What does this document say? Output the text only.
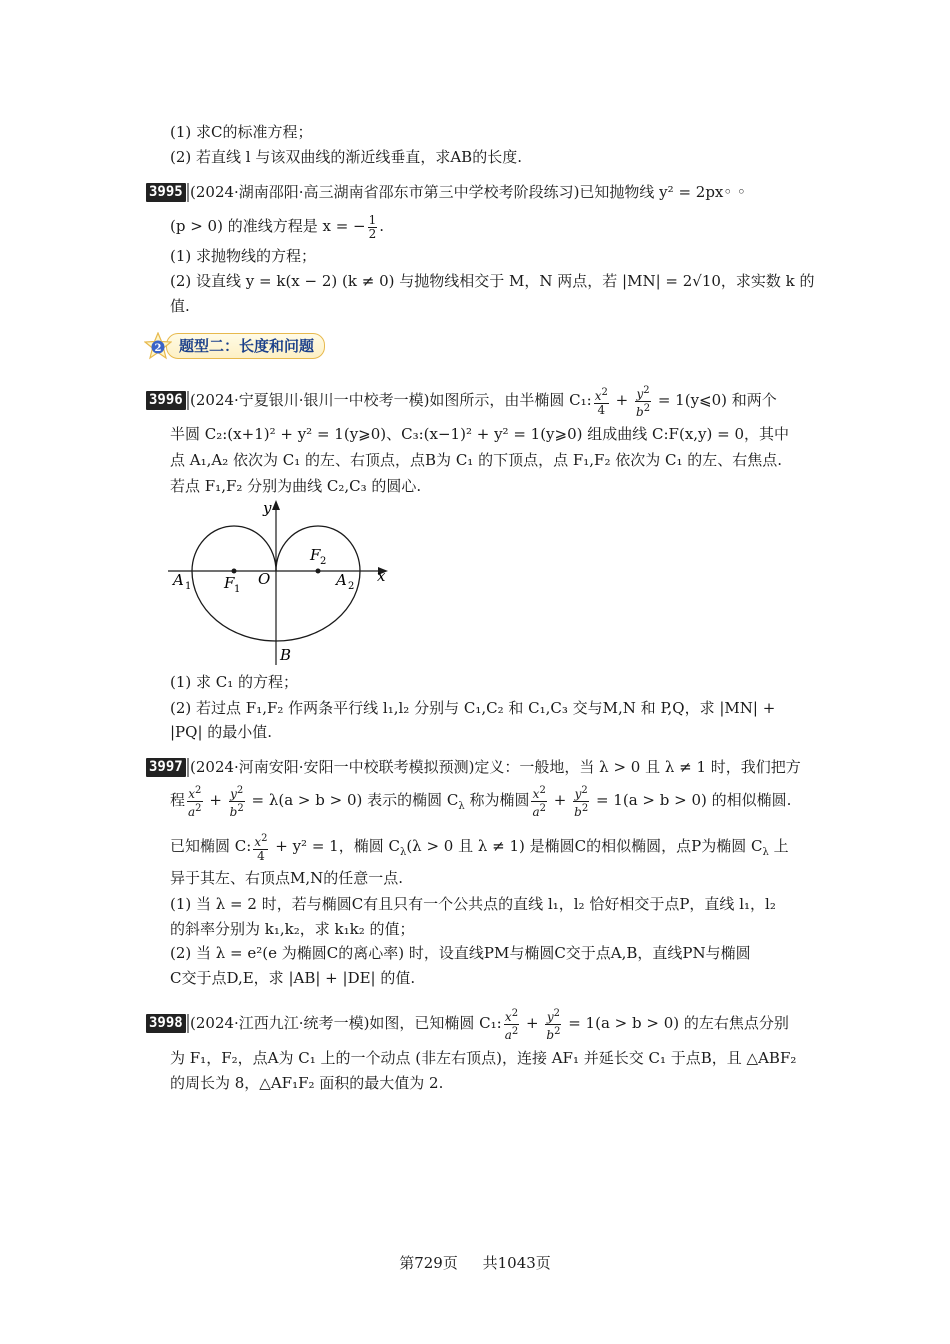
(1) 求C的标准方程；
(2) 若直线 l 与该双曲线的渐近线垂直，求AB的长度.
3995 (2024·湖南邵阳·高三湖南省邵东市第三中学校考阶段练习)已知抛物线 y² = 2px◦ ◦
(p > 0) 的准线方程是 x = − $\frac{1}{2}$ .
(1) 求抛物线的方程；
(2) 设直线 y = k(x − 2) (k ≠ 0) 与抛物线相交于 M，N 两点，若 |MN| = 2√10，求实数 k 的
值.
2	题型二：长度和问题
3996 (2024·宁夏银川·银川一中校考一模)如图所示，由半椭圆 C₁: $\frac{x^2}{4} + \frac{y^2}{b^2}$ = 1(y⩽0) 和两个
半圆 C₂:(x+1)² + y² = 1(y⩾0)、C₃:(x−1)² + y² = 1(y⩾0) 组成曲线 C:F(x,y) = 0，其中
点 A₁,A₂ 依次为 C₁ 的左、右顶点，点B为 C₁ 的下顶点，点 F₁,F₂ 依次为 C₁ 的左、右焦点.
若点 F₁,F₂ 分别为曲线 C₂,C₃ 的圆心.
y
x
O
A 1 F 1
F 2
A 2
B
(1) 求 C₁ 的方程；
(2) 若过点 F₁,F₂ 作两条平行线 l₁,l₂ 分别与 C₁,C₂ 和 C₁,C₃ 交与M,N 和 P,Q，求 |MN| +
|PQ| 的最小值.
3997 (2024·河南安阳·安阳一中校联考模拟预测)定义：一般地，当 λ > 0 且 λ ≠ 1 时，我们把方
程 $\frac{x^2}{a^2} + \frac{y^2}{b^2} = \lambda(a > b > 0)$ 表示的椭圆 $C_\lambda$ 称为椭圆 $\frac{x^2}{a^2} + \frac{y^2}{b^2} = 1(a > b > 0)$ 的相似椭圆.
已知椭圆 C: $\frac{x^2}{4} + y^2 = 1$，椭圆 $C_\lambda(\lambda > 0$ 且 λ ≠ 1) 是椭圆C的相似椭圆，点P为椭圆 $C_\lambda$ 上
异于其左、右顶点M,N的任意一点.
(1) 当 λ = 2 时，若与椭圆C有且只有一个公共点的直线 l₁，l₂ 恰好相交于点P，直线 l₁，l₂
的斜率分别为 k₁,k₂，求 k₁k₂ 的值；
(2) 当 λ = e²(e 为椭圆C的离心率) 时，设直线PM与椭圆C交于点A,B，直线PN与椭圆
C交于点D,E，求 |AB| + |DE| 的值.
3998 (2024·江西九江·统考一模)如图，已知椭圆 C₁: $\frac{x^2}{a^2} + \frac{y^2}{b^2} = 1(a > b > 0)$ 的左右焦点分别
为 F₁，F₂，点A为 C₁ 上的一个动点 (非左右顶点)，连接 AF₁ 并延长交 C₁ 于点B，且 △ABF₂
的周长为 8，△AF₁F₂ 面积的最大值为 2.
第729页 共1043页
